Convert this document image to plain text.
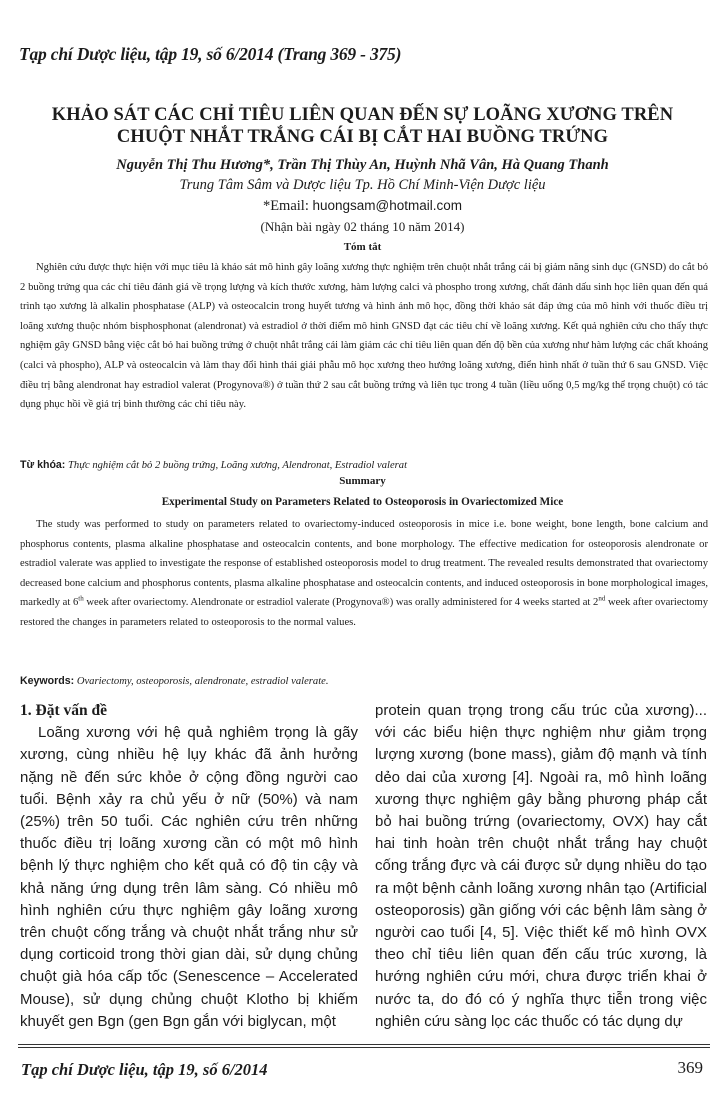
Tạp chí Dược liệu, tập 19, số 6/2014 (Trang 369 - 375)
KHẢO SÁT CÁC CHỈ TIÊU LIÊN QUAN ĐẾN SỰ LOÃNG XƯƠNG TRÊN
CHUỘT NHẮT TRẮNG CÁI BỊ CẮT HAI BUỒNG TRỨNG
Nguyễn Thị Thu Hương*, Trần Thị Thùy An, Huỳnh Nhã Vân, Hà Quang Thanh
Trung Tâm Sâm và Dược liệu Tp. Hồ Chí Minh-Viện Dược liệu
*Email: huongsam@hotmail.com
(Nhận bài ngày 02 tháng 10 năm 2014)
Tóm tắt
Nghiên cứu được thực hiện với mục tiêu là khảo sát mô hình gây loãng xương thực nghiệm trên chuột nhắt trắng cái bị giảm năng sinh dục (GNSD) do cắt bỏ 2 buồng trứng qua các chỉ tiêu đánh giá về trọng lượng và kích thước xương, hàm lượng calci và phospho trong xương, chất đánh dấu sinh học liên quan đến quá trình tạo xương là alkalin phosphatase (ALP) và osteocalcin trong huyết tương và hình ảnh mô học, đồng thời khảo sát đáp ứng của mô hình với thuốc điều trị loãng xương thuộc nhóm bisphosphonat (alendronat) và estradiol ở thời điểm mô hình GNSD đạt các tiêu chí về loãng xương. Kết quả nghiên cứu cho thấy thực nghiệm gây GNSD bằng việc cắt bỏ hai buồng trứng ở chuột nhắt trắng cái làm giảm các chỉ tiêu liên quan đến độ bền của xương như hàm lượng các chất khoáng (calci và phospho), ALP và osteocalcin và làm thay đổi hình thái giải phẫu mô học xương theo hướng loãng xương, điển hình nhất ở tuần thứ 6 sau GNSD. Việc điều trị bằng alendronat hay estradiol valerat (Progynova®) ở tuần thứ 2 sau cắt buồng trứng và liên tục trong 4 tuần (liều uống 0,5 mg/kg thể trọng chuột) có tác dụng phục hồi về giá trị bình thường các chỉ tiêu này.
Từ khóa: Thực nghiệm cắt bỏ 2 buồng trứng, Loãng xương, Alendronat, Estradiol valerat
Summary
Experimental Study on Parameters Related to Osteoporosis in Ovariectomized Mice
The study was performed to study on parameters related to ovariectomy-induced osteoporosis in mice i.e. bone weight, bone length, bone calcium and phosphorus contents, plasma alkaline phosphatase and osteocalcin contents, and bone morphology. The effective medication for osteoporosis alendronate or estradiol valerate was applied to investigate the response of established osteoporosis model to drug treatment. The revealed results demonstrated that ovariectomy decreased bone calcium and phosphorus contents, plasma alkaline phosphatase and osteocalcin contents, and induced osteoporosis in bone morphological images, markedly at 6th week after ovariectomy. Alendronate or estradiol valerate (Progynova®) was orally administered for 4 weeks started at 2nd week after ovariectomy restored the changes in parameters related to osteoporosis to the normal values.
Keywords: Ovariectomy, osteoporosis, alendronate, estradiol valerate.
1. Đặt vấn đề

Loãng xương với hệ quả nghiêm trọng là gãy xương, cùng nhiều hệ lụy khác đã ảnh hưởng nặng nề đến sức khỏe ở cộng đồng người cao tuổi. Bệnh xảy ra chủ yếu ở nữ (50%) và nam (25%) trên 50 tuổi. Các nghiên cứu trên những thuốc điều trị loãng xương cần có một mô hình bệnh lý thực nghiệm cho kết quả có độ tin cậy và khả năng ứng dụng trên lâm sàng. Có nhiều mô hình nghiên cứu thực nghiệm gây loãng xương trên chuột cống trắng và chuột nhắt trắng như sử dụng corticoid trong thời gian dài, sử dụng chủng chuột già hóa cấp tốc (Senescence – Accelerated Mouse), sử dụng chủng chuột Klotho bị khiếm khuyết gen Bgn (gen Bgn gắn với biglycan, một

protein quan trọng trong cấu trúc của xương)... với các biểu hiện thực nghiệm như giảm trọng lượng xương (bone mass), giảm độ mạnh và tính dẻo dai của xương [4]. Ngoài ra, mô hình loãng xương thực nghiệm gây bằng phương pháp cắt bỏ hai buồng trứng (ovariectomy, OVX) hay cắt hai tinh hoàn trên chuột nhắt trắng hay chuột cống trắng đực và cái được sử dụng nhiều do tạo ra một bệnh cảnh loãng xương nhân tạo (Artificial osteoporosis) gần giống với các bệnh lâm sàng ở người cao tuổi [4, 5]. Việc thiết kế mô hình OVX theo chỉ tiêu liên quan đến cấu trúc xương, là hướng nghiên cứu mới, chưa được triển khai ở nước ta, do đó có ý nghĩa thực tiễn trong việc nghiên cứu sàng lọc các thuốc có tác dụng dự

Tạp chí Dược liệu, tập 19, số 6/2014	369
